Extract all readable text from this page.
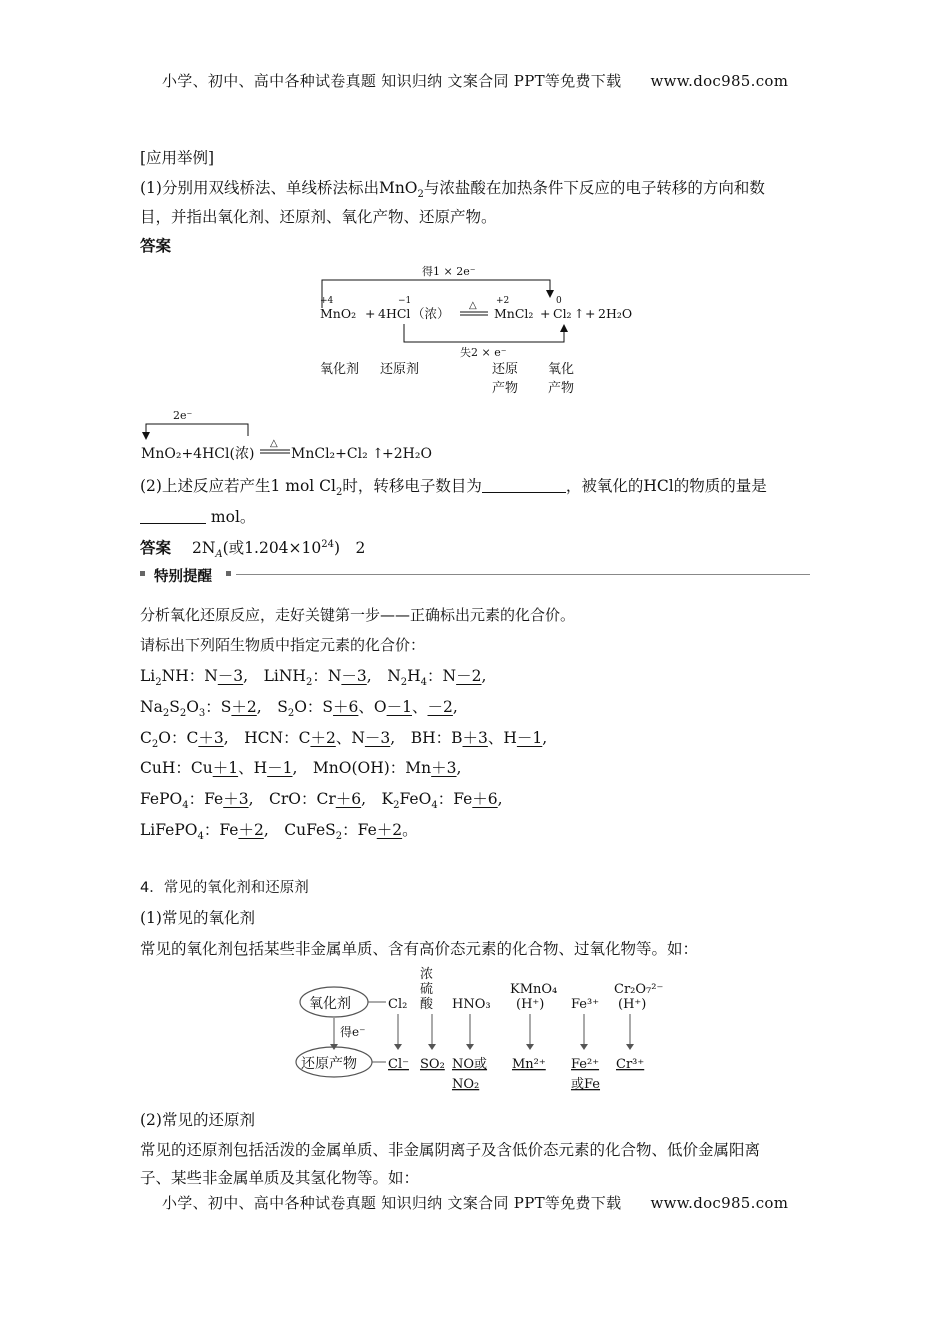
小学、初中、高中各种试卷真题 知识归纳 文案合同 PPT等免费下载 www.doc985.com
[应用举例]
(1)分别用双线桥法、单线桥法标出MnO$_2$与浓盐酸在加热条件下反应的电子转移的方向和数
目，并指出氧化剂、还原剂、氧化产物、还原产物。
答案
得1 × 2e⁻
+4	−1	+2	0
MnO₂ + 4HCl （浓）
△
MnCl₂ + Cl₂ ↑ + 2H₂O
失2 × e⁻
氧化剂 还原剂	还原
产物
氧化
产物
2e⁻
MnO₂+4HCl(浓)
△
MnCl₂+Cl₂ ↑
+2H₂O
(2)上述反应若产生1 mol $Cl_2$时，转移电子数目为	，被氧化的HCl的物质的量是
mol。
答案 $2N_A$(或$1.204\times 10^{24}$)　2
特别提醒
分析氧化还原反应，走好关键第一步——正确标出元素的化合价。
请标出下列陌生物质中指定元素的化合价：
$Li_2NH$：N－3,　LiNH$_2$：N－3,　$N_2H_4$：N－2,
$Na_2S_2O_3$：S＋2,　$S_2O$：S＋6、O－1、－2,
$C_2O$：C＋3,　HCN：C＋2、N－3,　BH：B＋3、H－1,
CuH：Cu＋1、H－1,　MnO(OH)：Mn＋3,
FePO$_4$：Fe＋3,　CrO：Cr＋6,　$K_2FeO_4$：Fe＋6,
LiFePO$_4$：Fe＋2,　CuFeS$_2$：Fe＋2。
4．常见的氧化剂和还原剂
(1)常见的氧化剂
常见的氧化剂包括某些非金属单质、含有高价态元素的化合物、过氧化物等。如：
氧化剂
得e⁻
还原产物
Cl₂
Cl⁻
浓
硫
酸
SO₂
HNO₃
NO或
NO₂
KMnO₄
(H⁺)
Mn²⁺
Fe³⁺
Fe²⁺
或Fe
Cr₂O₇²⁻
(H⁺)
Cr³⁺
(2)常见的还原剂
常见的还原剂包括活泼的金属单质、非金属阴离子及含低价态元素的化合物、低价金属阳离
子、某些非金属单质及其氢化物等。如：
小学、初中、高中各种试卷真题 知识归纳 文案合同 PPT等免费下载 www.doc985.com
